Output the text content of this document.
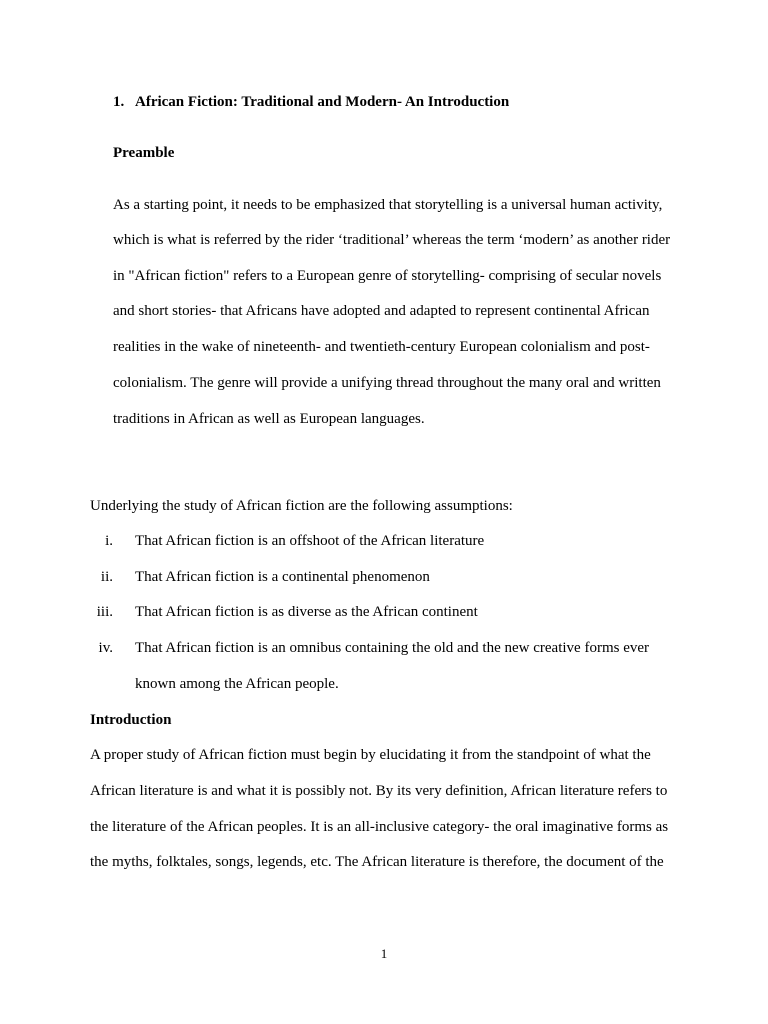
1. African Fiction: Traditional and Modern- An Introduction
Preamble
As a starting point, it needs to be emphasized that storytelling is a universal human activity,
which is what is referred by the rider ‘traditional’ whereas the term ‘modern’ as another rider
in "African fiction" refers to a European genre of storytelling- comprising of secular novels
and short stories- that Africans have adopted and adapted to represent continental African
realities in the wake of nineteenth- and twentieth-century European colonialism and post-
colonialism. The genre will provide a unifying thread throughout the many oral and written
traditions in African as well as European languages.
Underlying the study of African fiction are the following assumptions:
i. That African fiction is an offshoot of the African literature
ii. That African fiction is a continental phenomenon
iii. That African fiction is as diverse as the African continent
iv. That African fiction is an omnibus containing the old and the new creative forms ever
known among the African people.
Introduction
A proper study of African fiction must begin by elucidating it from the standpoint of what the
African literature is and what it is possibly not. By its very definition, African literature refers to
the literature of the African peoples. It is an all-inclusive category- the oral imaginative forms as
the myths, folktales, songs, legends, etc. The African literature is therefore, the document of the
1
